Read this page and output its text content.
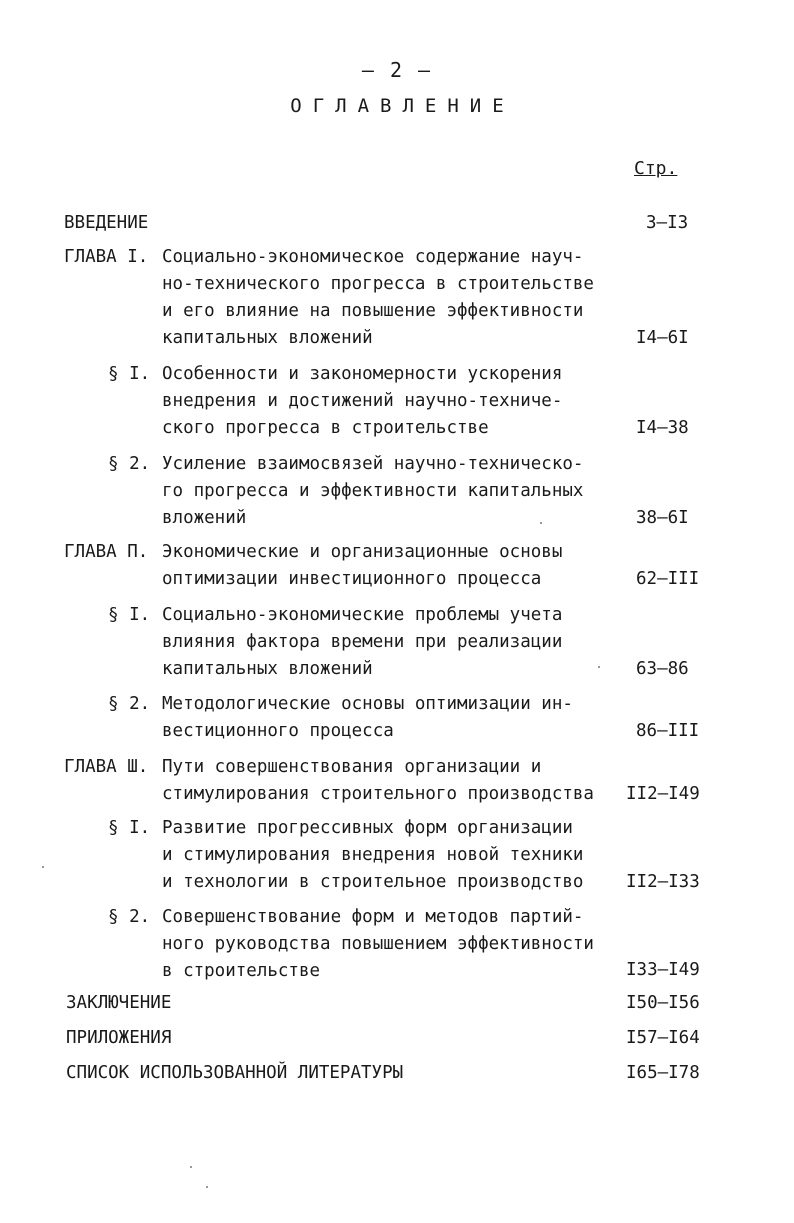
– 2 –
ОГЛАВЛЕНИЕ
Стр.
ВВЕДЕНИЕ	3–I3
ГЛАВА I. Социально-экономическое содержание науч-
но-технического прогресса в строительстве
и его влияние на повышение эффективности
капитальных вложений	I4–6I
§ I. Особенности и закономерности ускорения
внедрения и достижений научно-техниче-
ского прогресса в строительстве	I4–38
§ 2. Усиление взаимосвязей научно-техническо-
го прогресса и эффективности капитальных
вложений	38–6I
ГЛАВА П. Экономические и организационные основы
оптимизации инвестиционного процесса	62–III
§ I. Социально-экономические проблемы учета
влияния фактора времени при реализации
капитальных вложений	63–86
§ 2. Методологические основы оптимизации ин-
вестиционного процесса	86–III
ГЛАВА Ш. Пути совершенствования организации и
стимулирования строительного производства II2–I49
§ I. Развитие прогрессивных форм организации
и стимулирования внедрения новой техники
и технологии в строительное производство II2–I33
§ 2. Совершенствование форм и методов партий-
ного руководства повышением эффективности
в строительстве	I33–I49
ЗАКЛЮЧЕНИЕ	I50–I56
ПРИЛОЖЕНИЯ	I57–I64
СПИСОК ИСПОЛЬЗОВАННОЙ ЛИТЕРАТУРЫ	I65–I78
